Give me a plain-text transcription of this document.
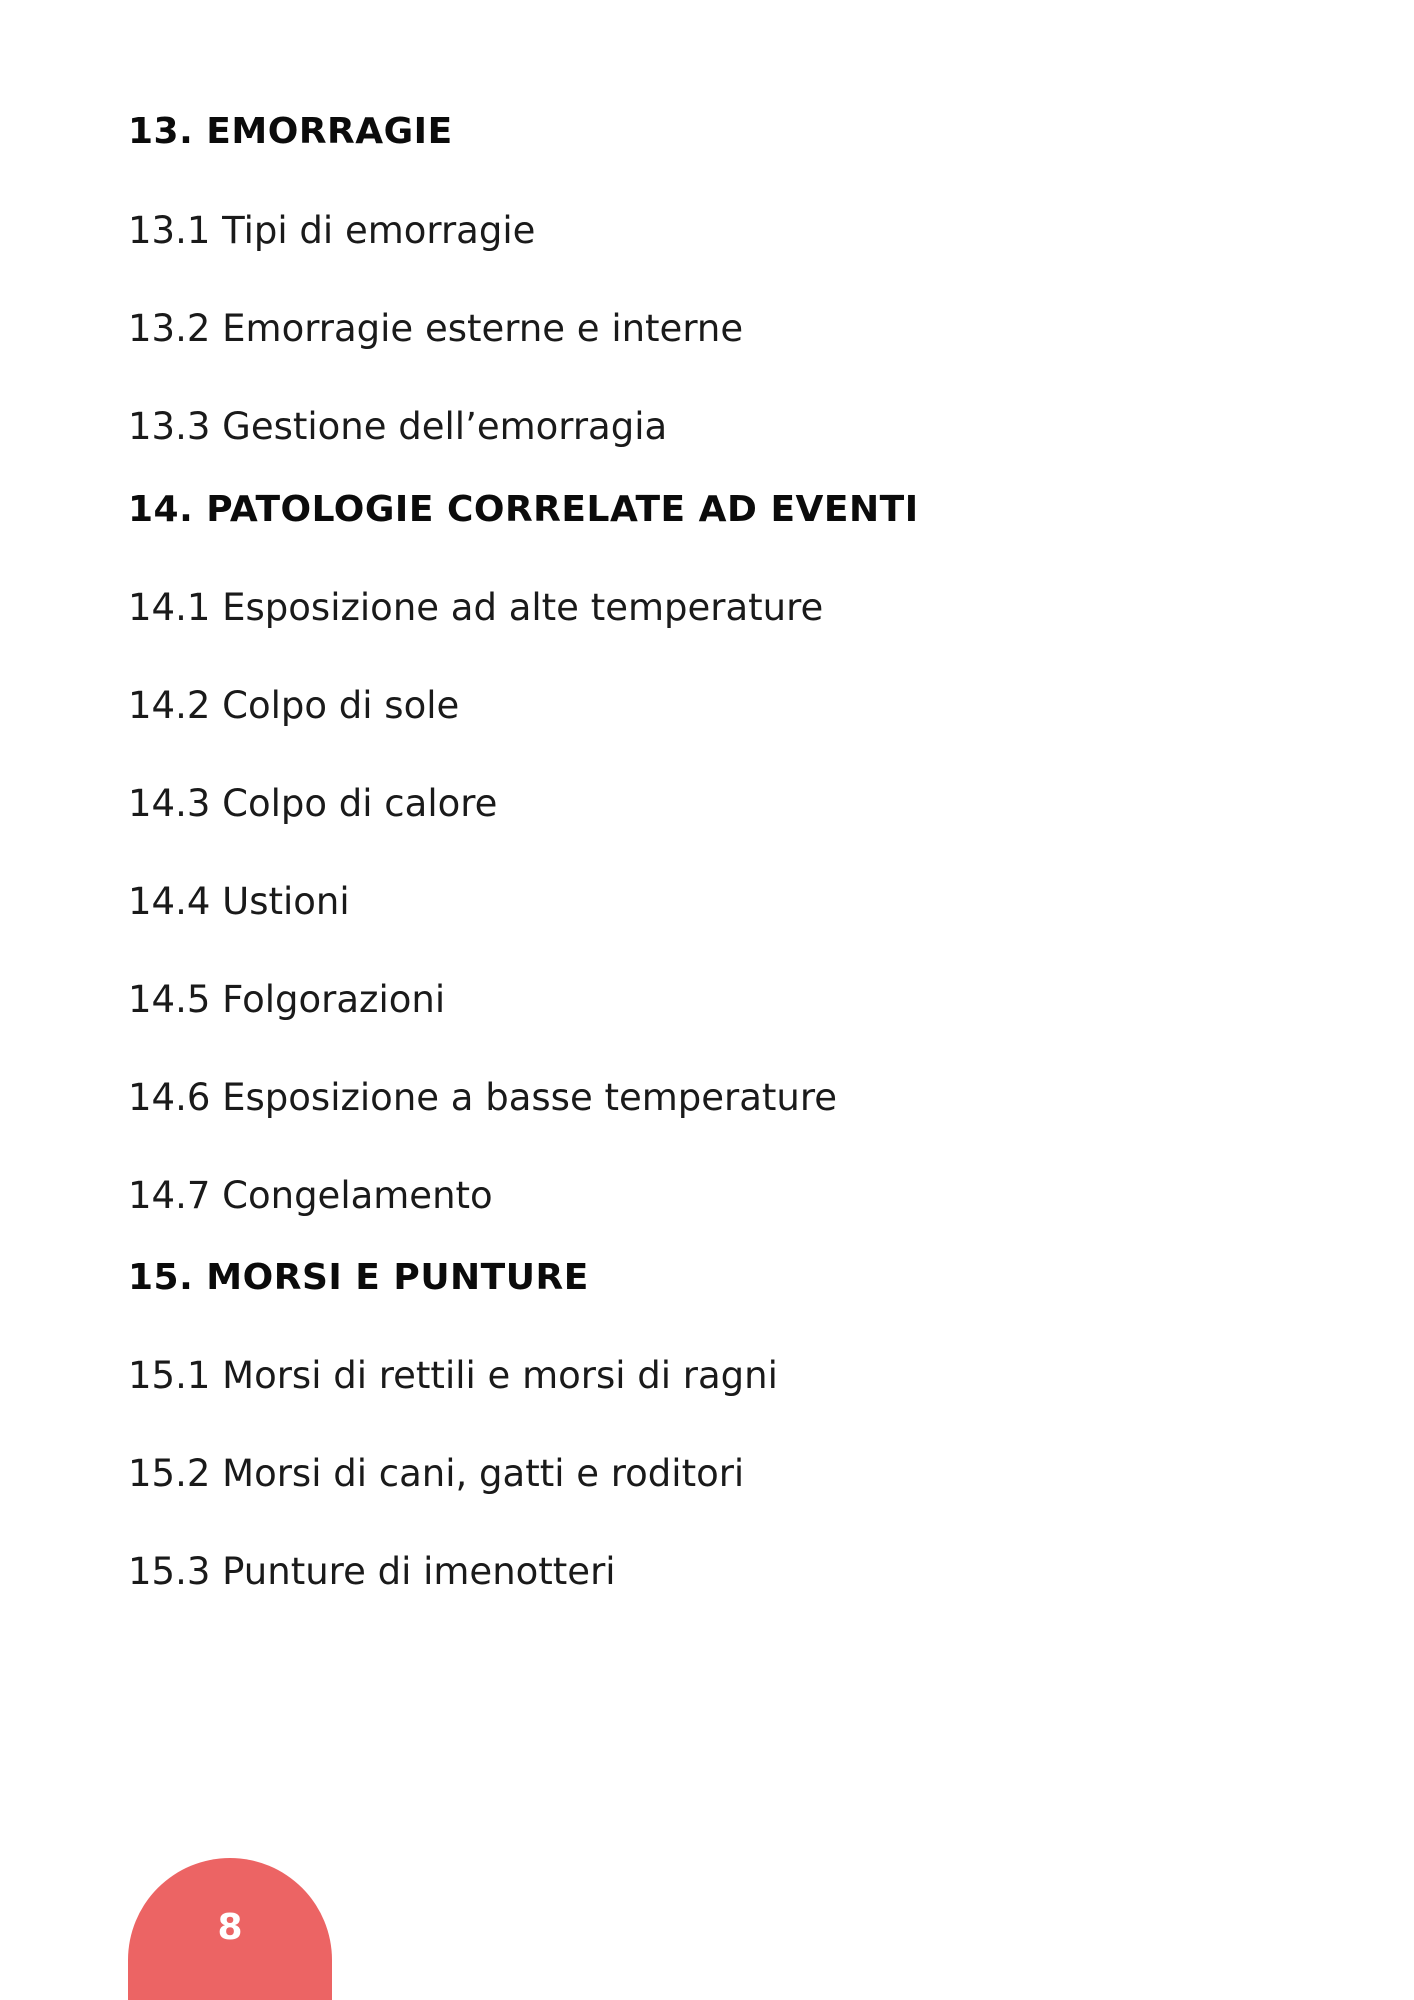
13. EMORRAGIE
13.1 Tipi di emorragie
13.2 Emorragie esterne e interne
13.3 Gestione dell’emorragia
14. PATOLOGIE CORRELATE AD EVENTI
14.1 Esposizione ad alte temperature
14.2 Colpo di sole
14.3 Colpo di calore
14.4 Ustioni
14.5 Folgorazioni
14.6 Esposizione a basse temperature
14.7 Congelamento
15. MORSI E PUNTURE
15.1 Morsi di rettili e morsi di ragni
15.2 Morsi di cani, gatti e roditori
15.3 Punture di imenotteri
8
